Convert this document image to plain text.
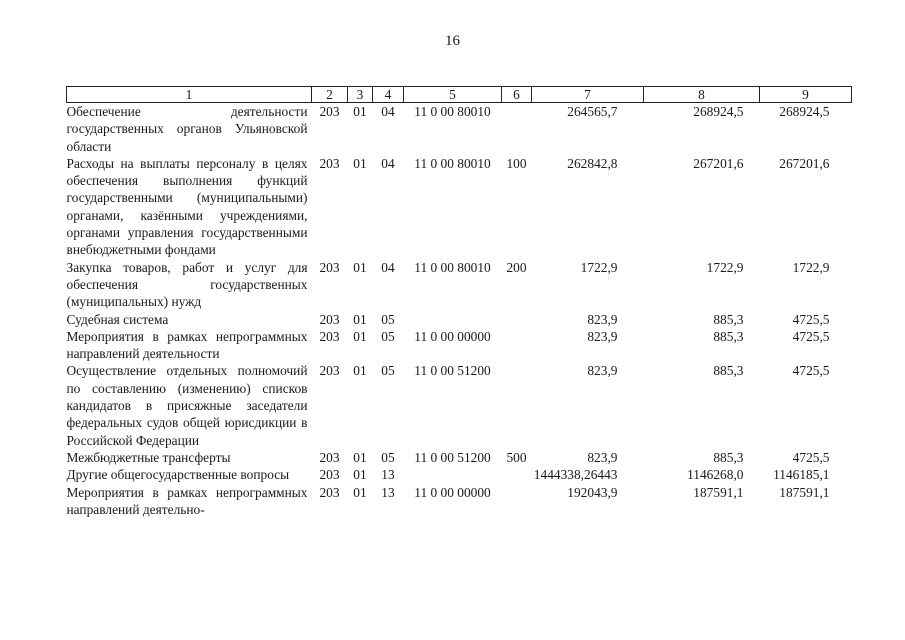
16
1	2	3	4	5	6	7	8	9
Обеспечение деятельности государственных органов Ульяновской области	203	01	04	11 0 00 80010		264565,7	268924,5	268924,5
Расходы на выплаты персоналу в целях обеспечения выполнения функций государственными (муниципальными) органами, казёнными учреждениями, органами управления государственными внебюджетными фондами	203	01	04	11 0 00 80010	100	262842,8	267201,6	267201,6
Закупка товаров, работ и услуг для обеспечения государственных (муниципальных) нужд	203	01	04	11 0 00 80010	200	1722,9	1722,9	1722,9
Судебная система	203	01	05			823,9	885,3	4725,5
Мероприятия в рамках непрограммных направлений деятельности	203	01	05	11 0 00 00000		823,9	885,3	4725,5
Осуществление отдельных полномочий по составлению (изменению) списков кандидатов в присяжные заседатели федеральных судов общей юрисдикции в Российской Федерации	203	01	05	11 0 00 51200		823,9	885,3	4725,5
Межбюджетные трансферты	203	01	05	11 0 00 51200	500	823,9	885,3	4725,5
Другие общегосударственные вопросы	203	01	13			1444338,26443	1146268,0	1146185,1
Мероприятия в рамках непрограммных направлений деятельно-	203	01	13	11 0 00 00000		192043,9	187591,1	187591,1
